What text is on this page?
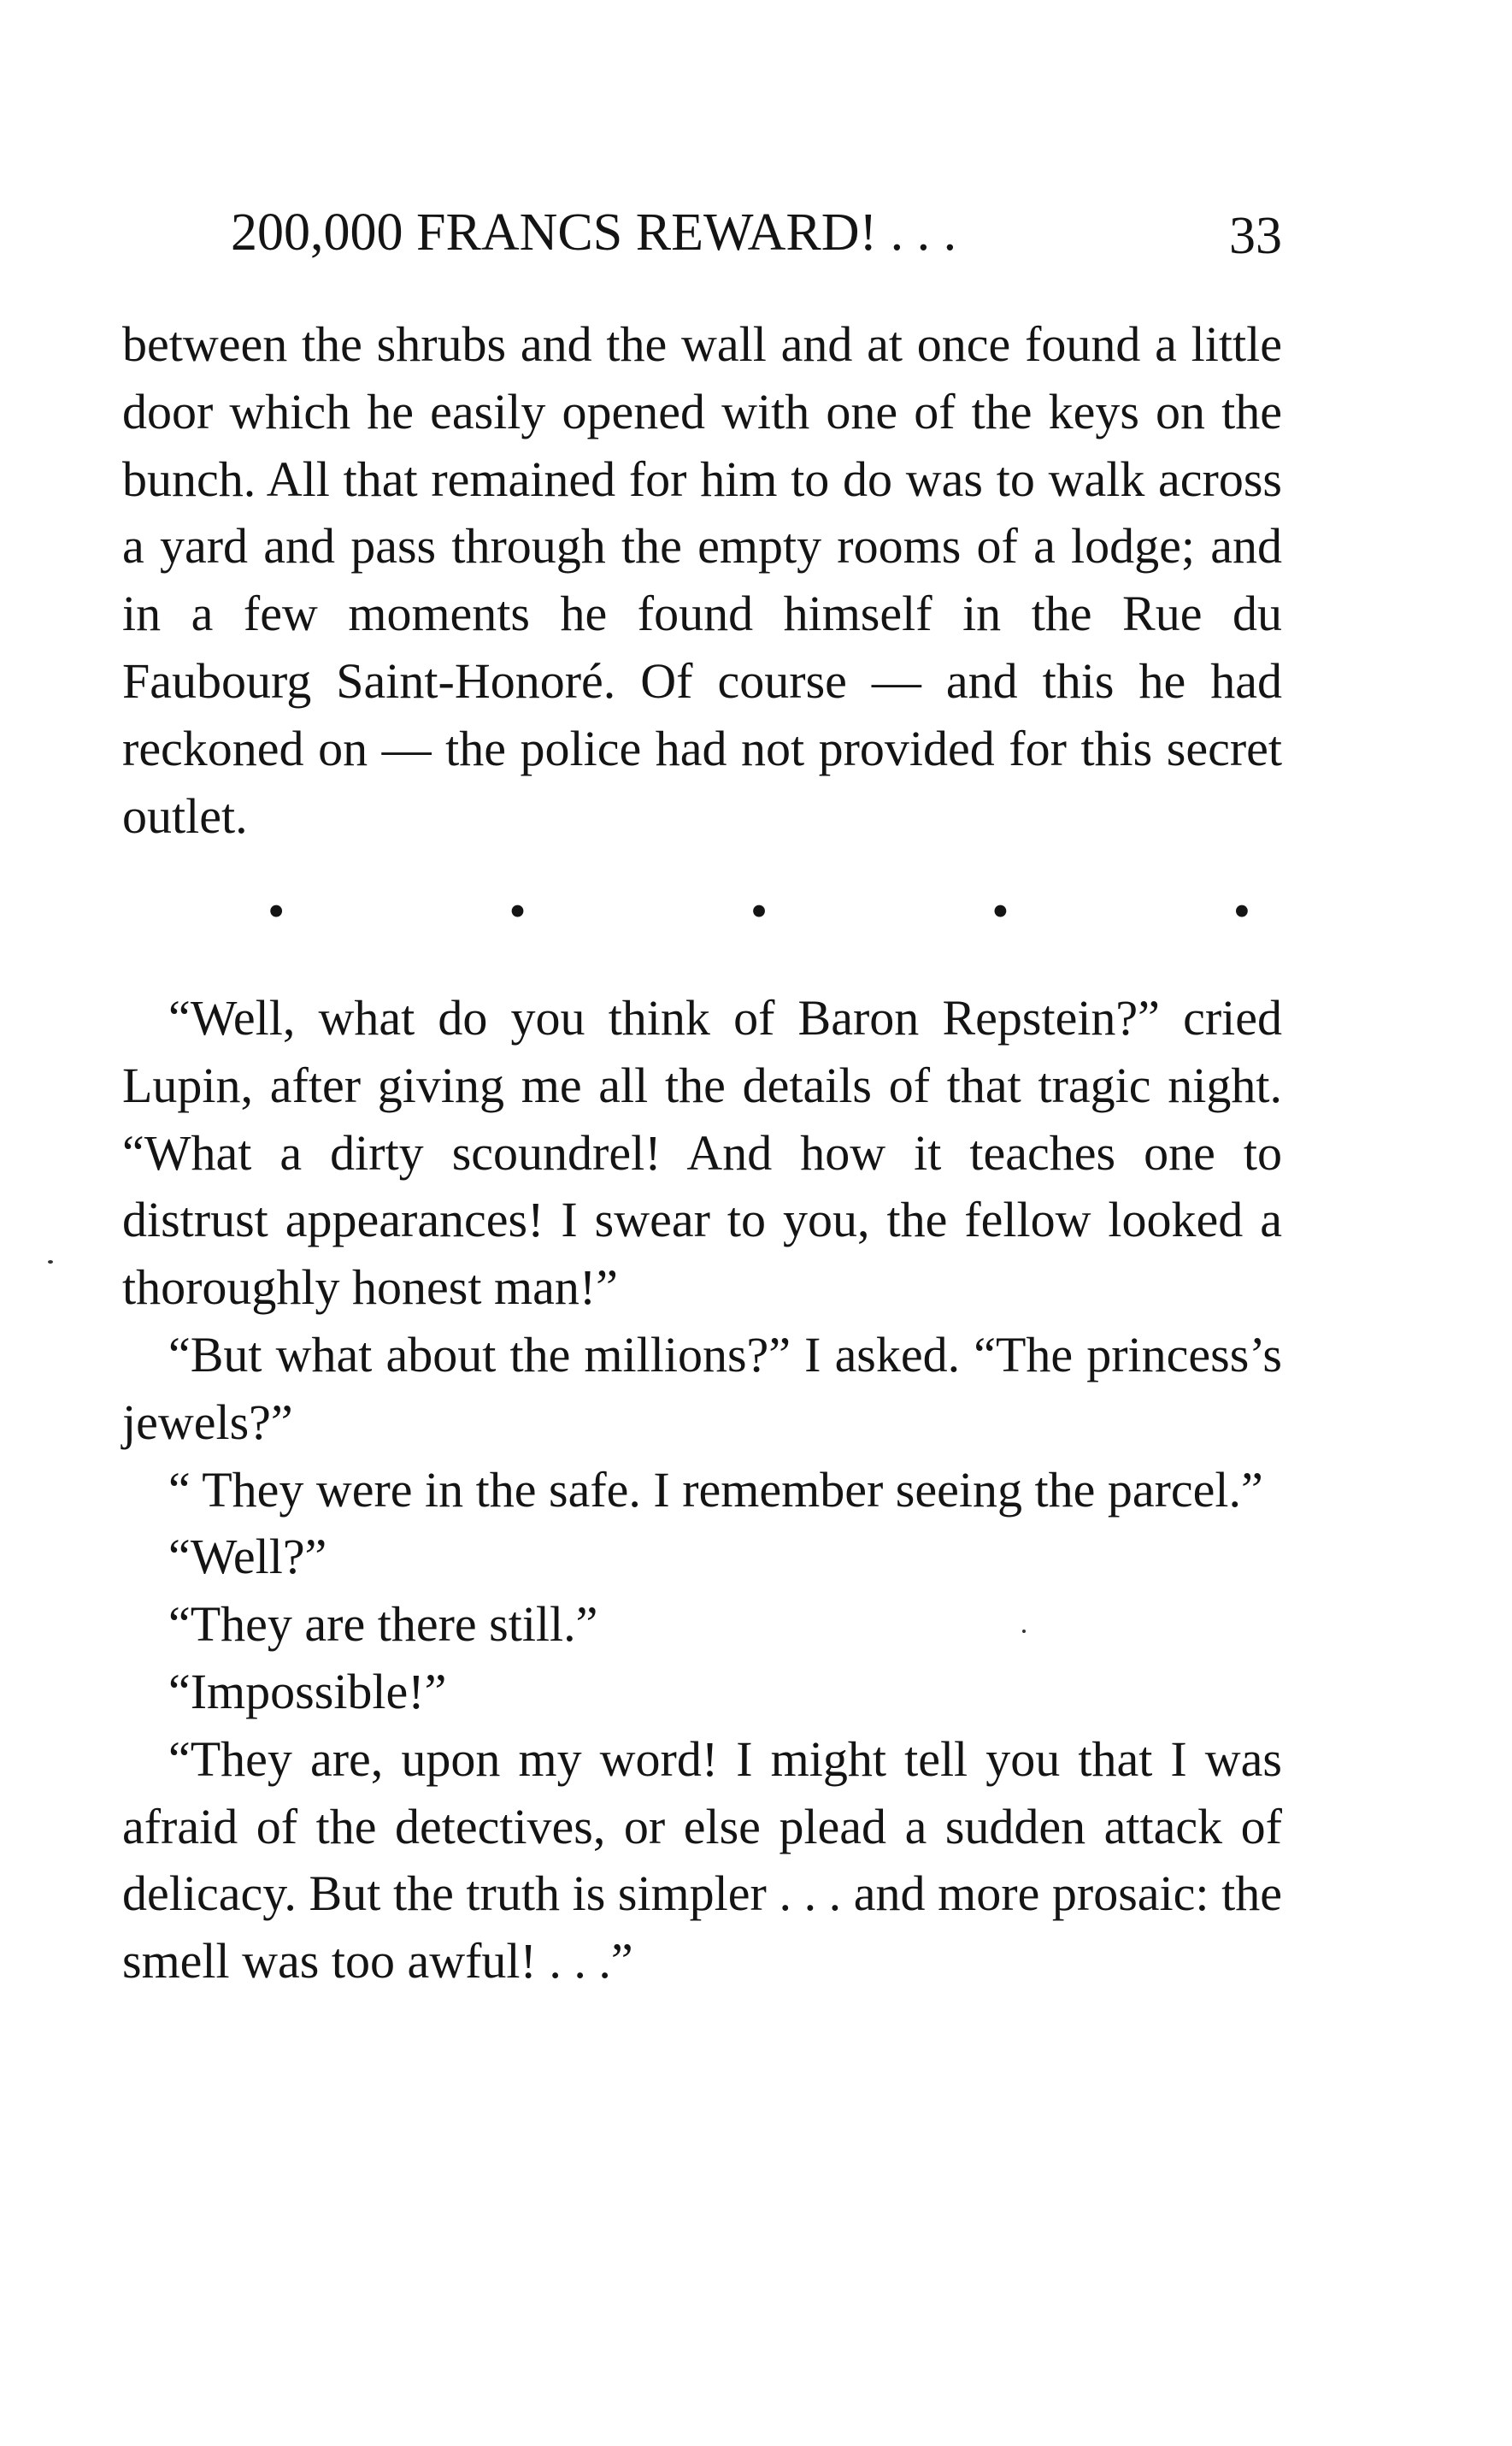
200,000 FRANCS REWARD! . . .	33

between the shrubs and the wall and at once found a little door which he easily opened with one of the keys on the bunch. All that remained for him to do was to walk across a yard and pass through the empty rooms of a lodge; and in a few moments he found himself in the Rue du Faubourg Saint-Honoré. Of course — and this he had reckoned on — the police had not provided for this secret outlet.

•	•	•	•	•

“Well, what do you think of Baron Repstein?” cried Lupin, after giving me all the details of that tragic night. “What a dirty scoundrel! And how it teaches one to distrust appearances! I swear to you, the fellow looked a thoroughly honest man!”

“But what about the millions?” I asked. “The princess’s jewels?”

“ They were in the safe. I remember seeing the parcel.”

“Well?”

“They are there still.”

“Impossible!”

“They are, upon my word! I might tell you that I was afraid of the detectives, or else plead a sudden attack of delicacy. But the truth is simpler . . . and more prosaic: the smell was too awful! . . .”
